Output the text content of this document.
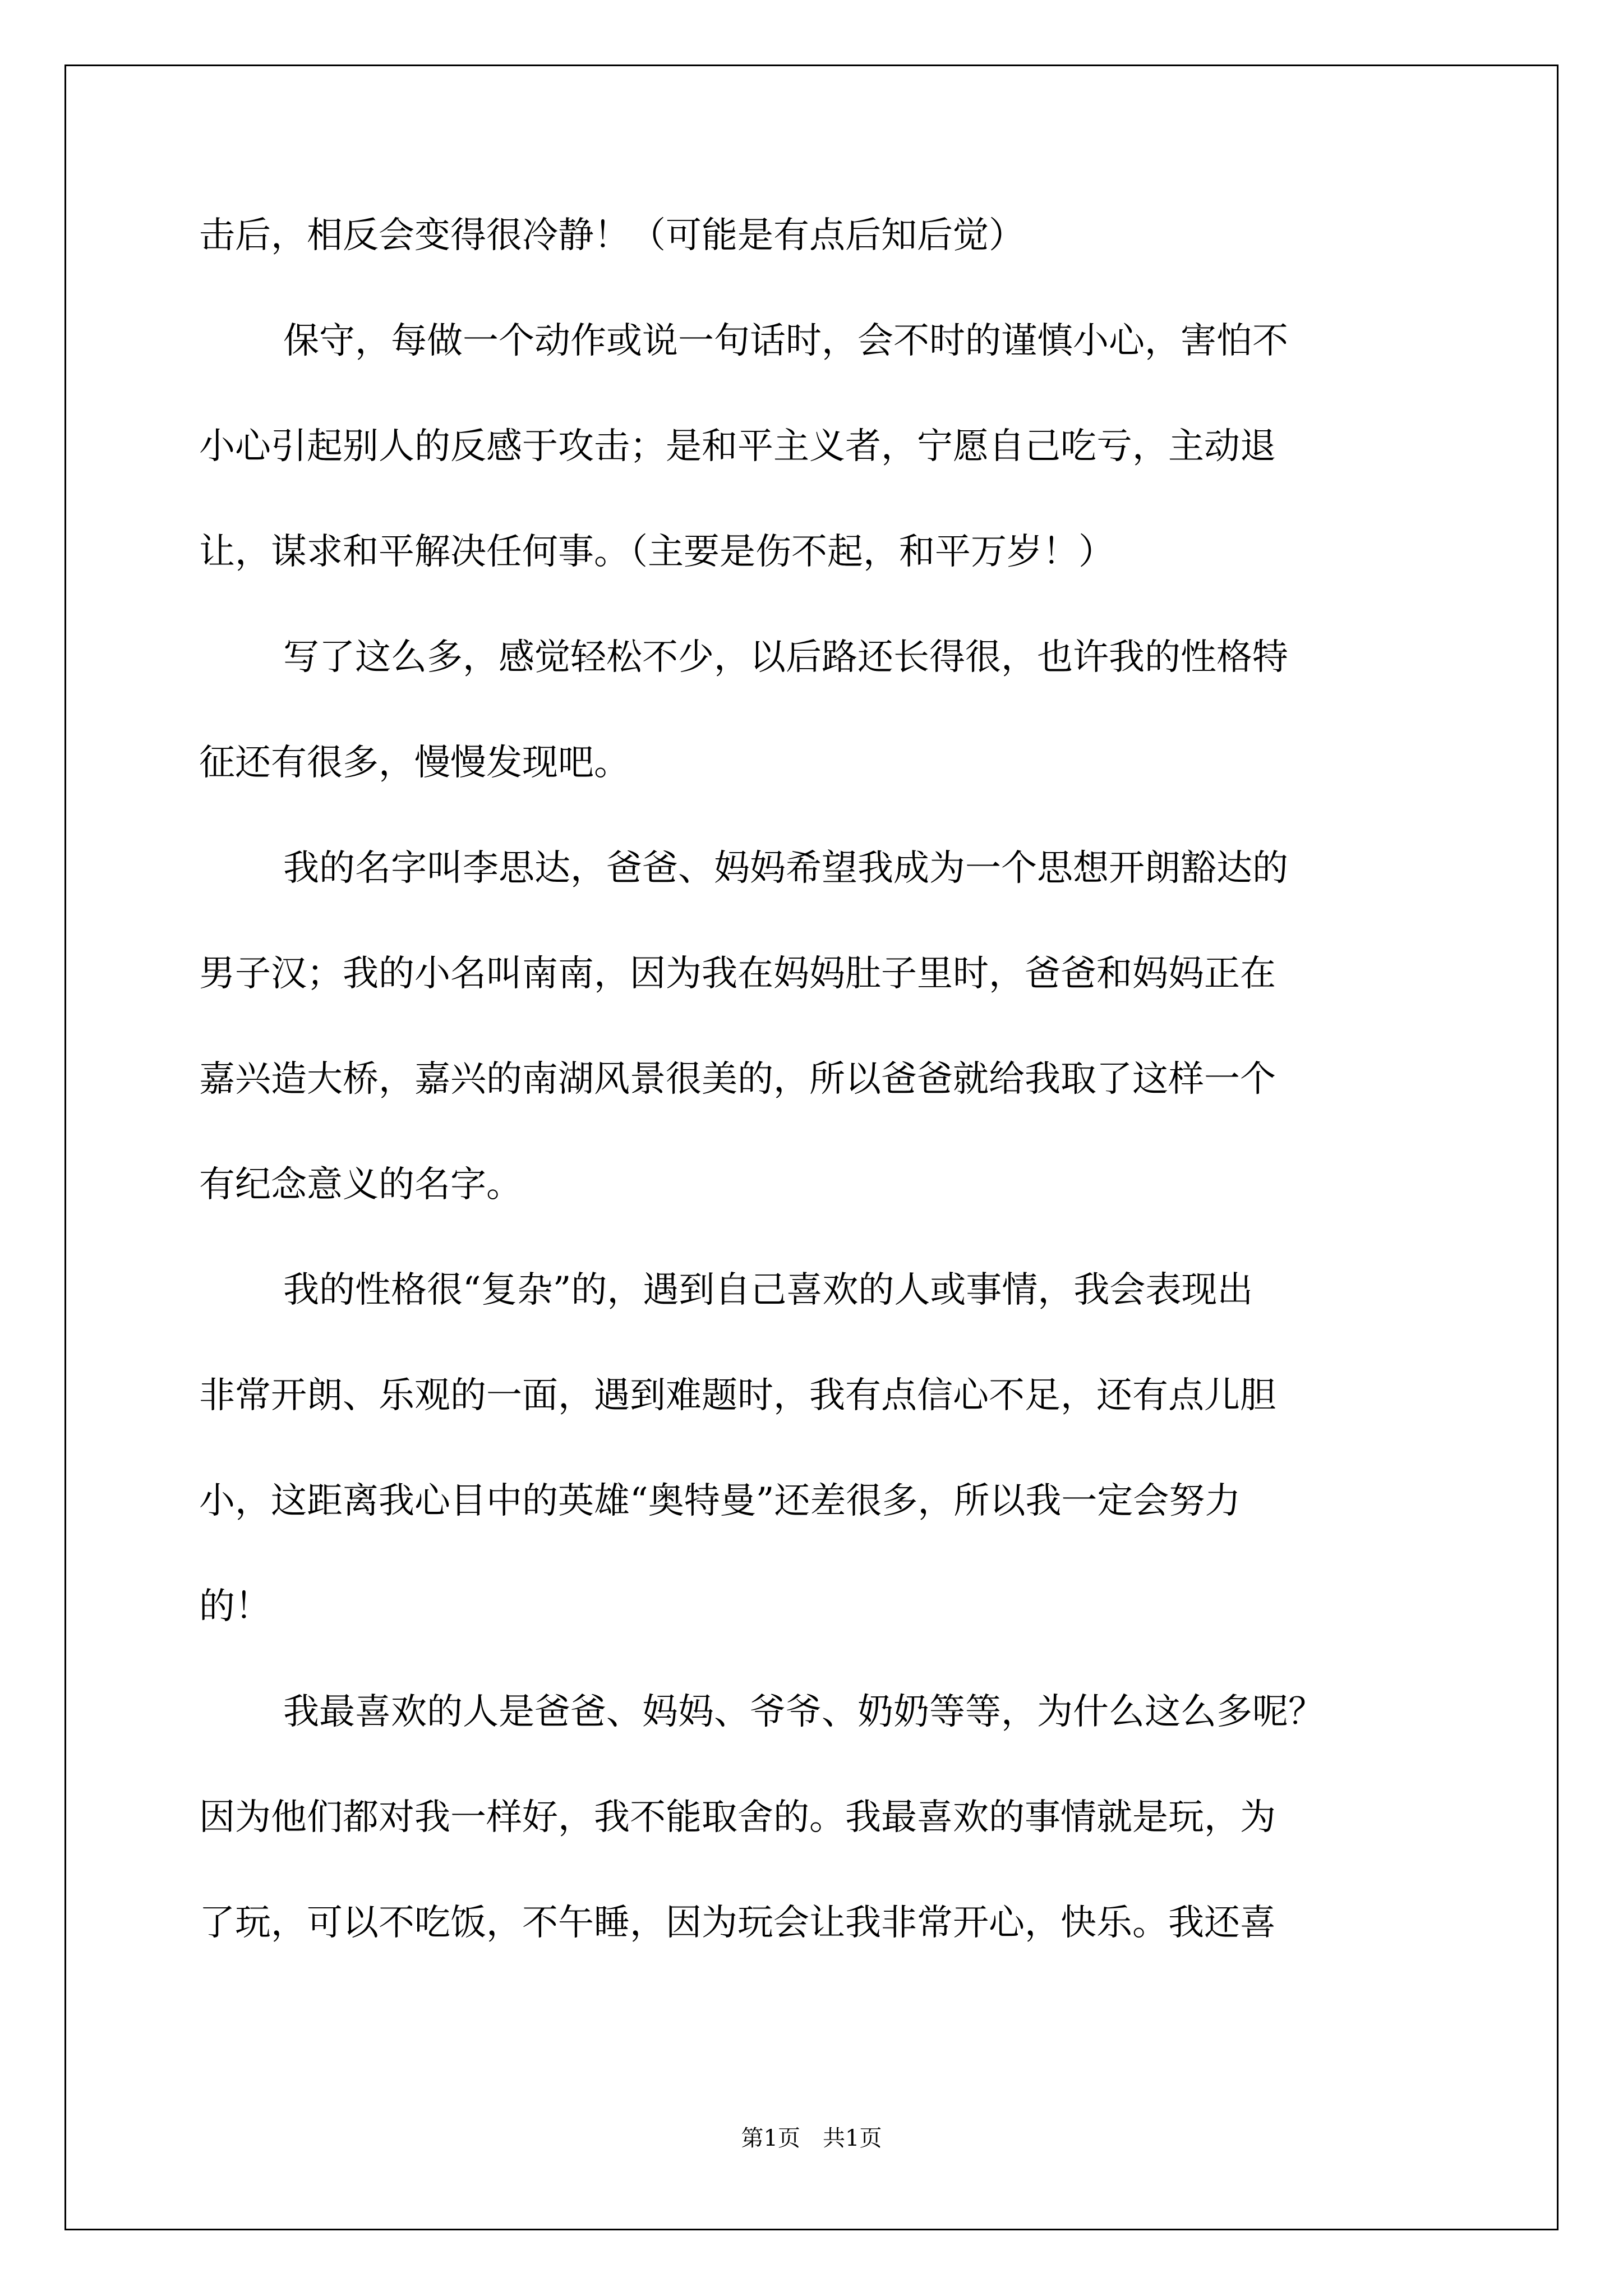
击后，相反会变得很冷静！（可能是有点后知后觉）
保守，每做一个动作或说一句话时，会不时的谨慎小心，害怕不
小心引起别人的反感于攻击；是和平主义者，宁愿自己吃亏，主动退
让，谋求和平解决任何事。（主要是伤不起，和平万岁！）
写了这么多，感觉轻松不少，以后路还长得很，也许我的性格特
征还有很多，慢慢发现吧。
我的名字叫李思达，爸爸、妈妈希望我成为一个思想开朗豁达的
男子汉；我的小名叫南南，因为我在妈妈肚子里时，爸爸和妈妈正在
嘉兴造大桥，嘉兴的南湖风景很美的，所以爸爸就给我取了这样一个
有纪念意义的名字。
我的性格很“复杂”的，遇到自己喜欢的人或事情，我会表现出
非常开朗、乐观的一面，遇到难题时，我有点信心不足，还有点儿胆
小，这距离我心目中的英雄“奥特曼”还差很多，所以我一定会努力
的！
我最喜欢的人是爸爸、妈妈、爷爷、奶奶等等，为什么这么多呢？
因为他们都对我一样好，我不能取舍的。我最喜欢的事情就是玩，为
了玩，可以不吃饭，不午睡，因为玩会让我非常开心，快乐。我还喜
第1页　共1页
